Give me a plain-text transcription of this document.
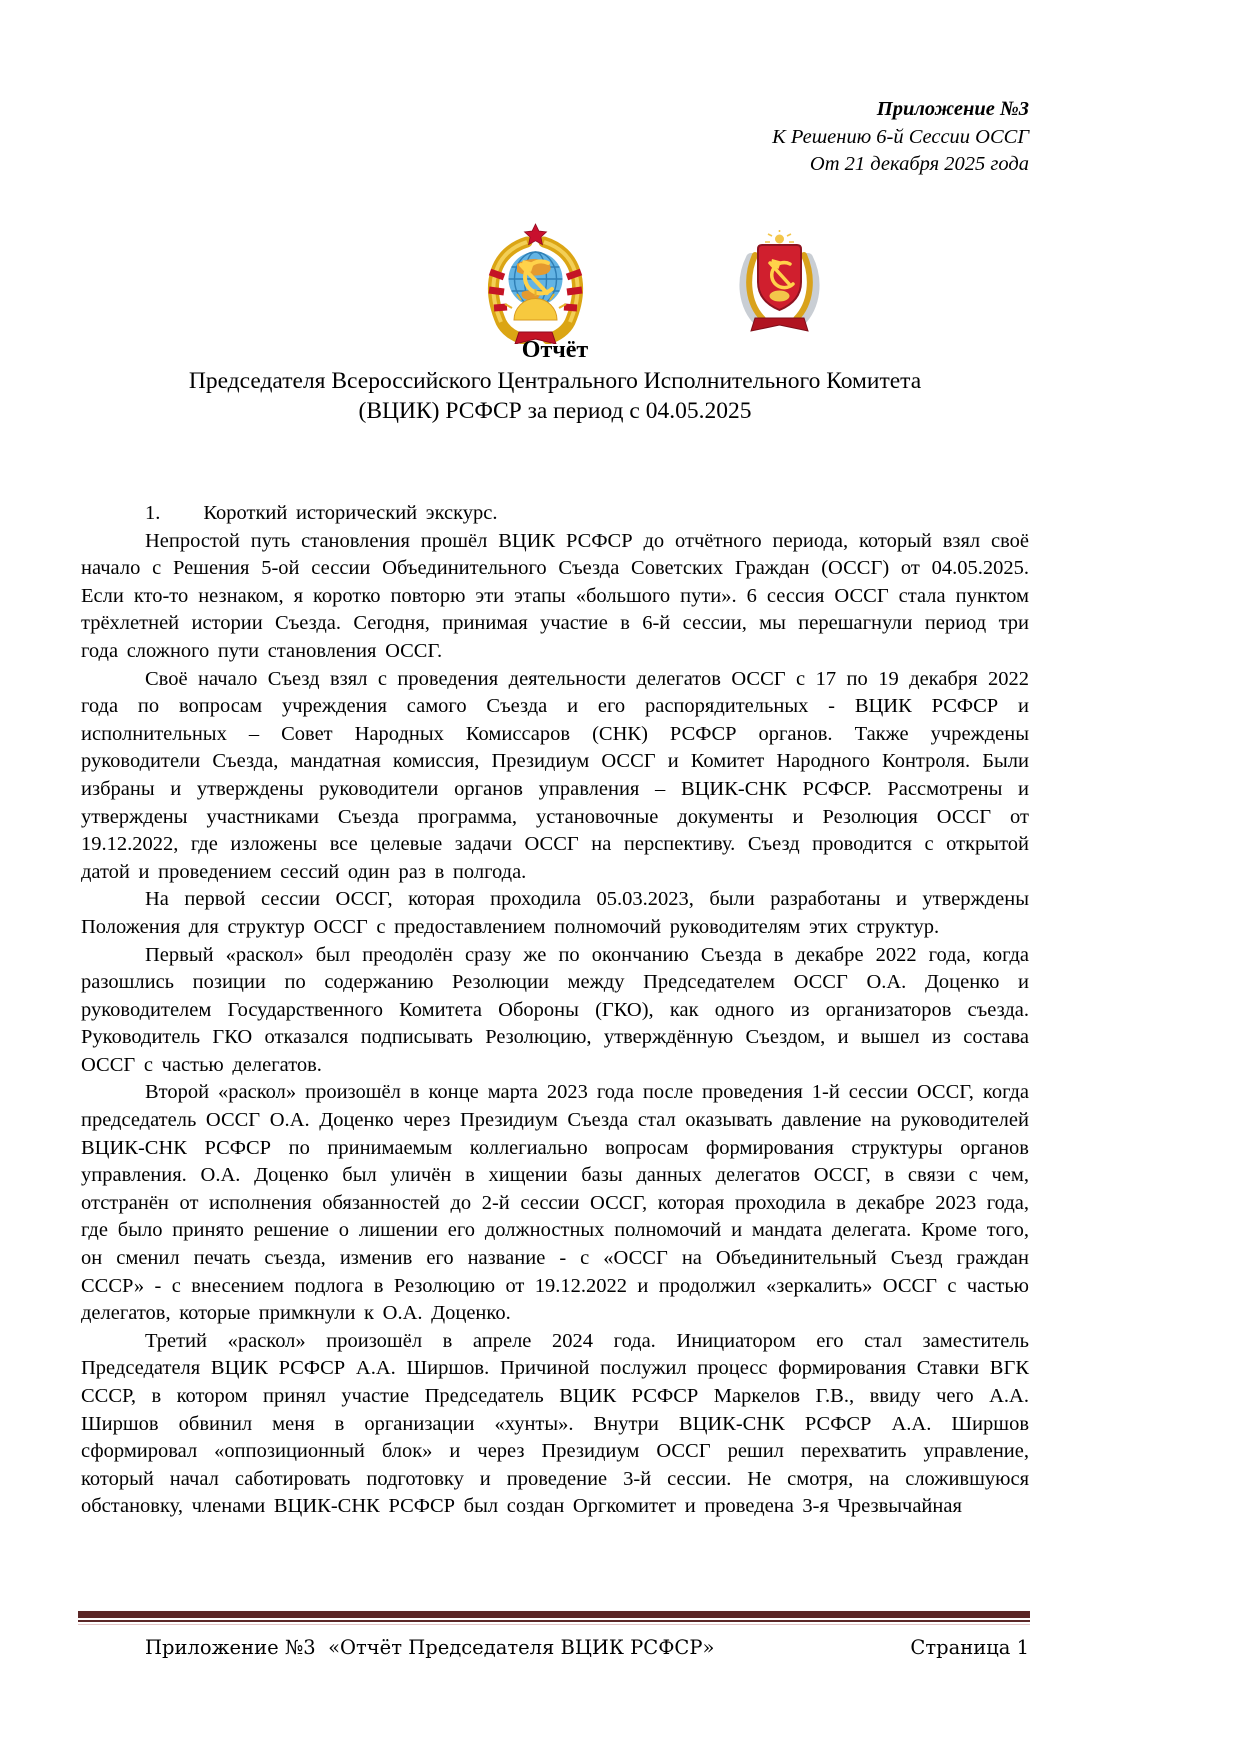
Приложение №3
К Решению 6-й Сессии ОССГ
От 21 декабря 2025 года
Отчёт
Председателя Всероссийского Центрального Исполнительного Комитета
(ВЦИК) РСФСР за период с 04.05.2025

1. Короткий исторический экскурс.

Непростой путь становления прошёл ВЦИК РСФСР до отчётного периода, который взял своё начало с Решения 5-ой сессии Объединительного Съезда Советских Граждан (ОССГ) от 04.05.2025. Если кто-то незнаком, я коротко повторю эти этапы «большого пути». 6 сессия ОССГ стала пунктом трёхлетней истории Съезда. Сегодня, принимая участие в 6-й сессии, мы перешагнули период три года сложного пути становления ОССГ.

Своё начало Съезд взял с проведения деятельности делегатов ОССГ с 17 по 19 декабря 2022 года по вопросам учреждения самого Съезда и его распорядительных - ВЦИК РСФСР и исполнительных – Совет Народных Комиссаров (СНК) РСФСР органов. Также учреждены руководители Съезда, мандатная комиссия, Президиум ОССГ и Комитет Народного Контроля. Были избраны и утверждены руководители органов управления – ВЦИК-СНК РСФСР. Рассмотрены и утверждены участниками Съезда программа, установочные документы и Резолюция ОССГ от 19.12.2022, где изложены все целевые задачи ОССГ на перспективу. Съезд проводится с открытой датой и проведением сессий один раз в полгода.

На первой сессии ОССГ, которая проходила 05.03.2023, были разработаны и утверждены Положения для структур ОССГ с предоставлением полномочий руководителям этих структур.

Первый «раскол» был преодолён сразу же по окончанию Съезда в декабре 2022 года, когда разошлись позиции по содержанию Резолюции между Председателем ОССГ О.А. Доценко и руководителем Государственного Комитета Обороны (ГКО), как одного из организаторов съезда. Руководитель ГКО отказался подписывать Резолюцию, утверждённую Съездом, и вышел из состава ОССГ с частью делегатов.

Второй «раскол» произошёл в конце марта 2023 года после проведения 1-й сессии ОССГ, когда председатель ОССГ О.А. Доценко через Президиум Съезда стал оказывать давление на руководителей ВЦИК-СНК РСФСР по принимаемым коллегиально вопросам формирования структуры органов управления. О.А. Доценко был уличён в хищении базы данных делегатов ОССГ, в связи с чем, отстранён от исполнения обязанностей до 2-й сессии ОССГ, которая проходила в декабре 2023 года, где было принято решение о лишении его должностных полномочий и мандата делегата. Кроме того, он сменил печать съезда, изменив его название - с «ОССГ на Объединительный Съезд граждан СССР» - с внесением подлога в Резолюцию от 19.12.2022 и продолжил «зеркалить» ОССГ с частью делегатов, которые примкнули к О.А. Доценко.

Третий «раскол» произошёл в апреле 2024 года. Инициатором его стал заместитель Председателя ВЦИК РСФСР А.А. Ширшов. Причиной послужил процесс формирования Ставки ВГК СССР, в котором принял участие Председатель ВЦИК РСФСР Маркелов Г.В., ввиду чего А.А. Ширшов обвинил меня в организации «хунты». Внутри ВЦИК-СНК РСФСР А.А. Ширшов сформировал «оппозиционный блок» и через Президиум ОССГ решил перехватить управление, который начал саботировать подготовку и проведение 3-й сессии. Не смотря, на сложившуюся обстановку, членами ВЦИК-СНК РСФСР был создан Оргкомитет и проведена 3-я Чрезвычайная

Приложение №3  «Отчёт Председателя ВЦИК РСФСР»	Страница 1
